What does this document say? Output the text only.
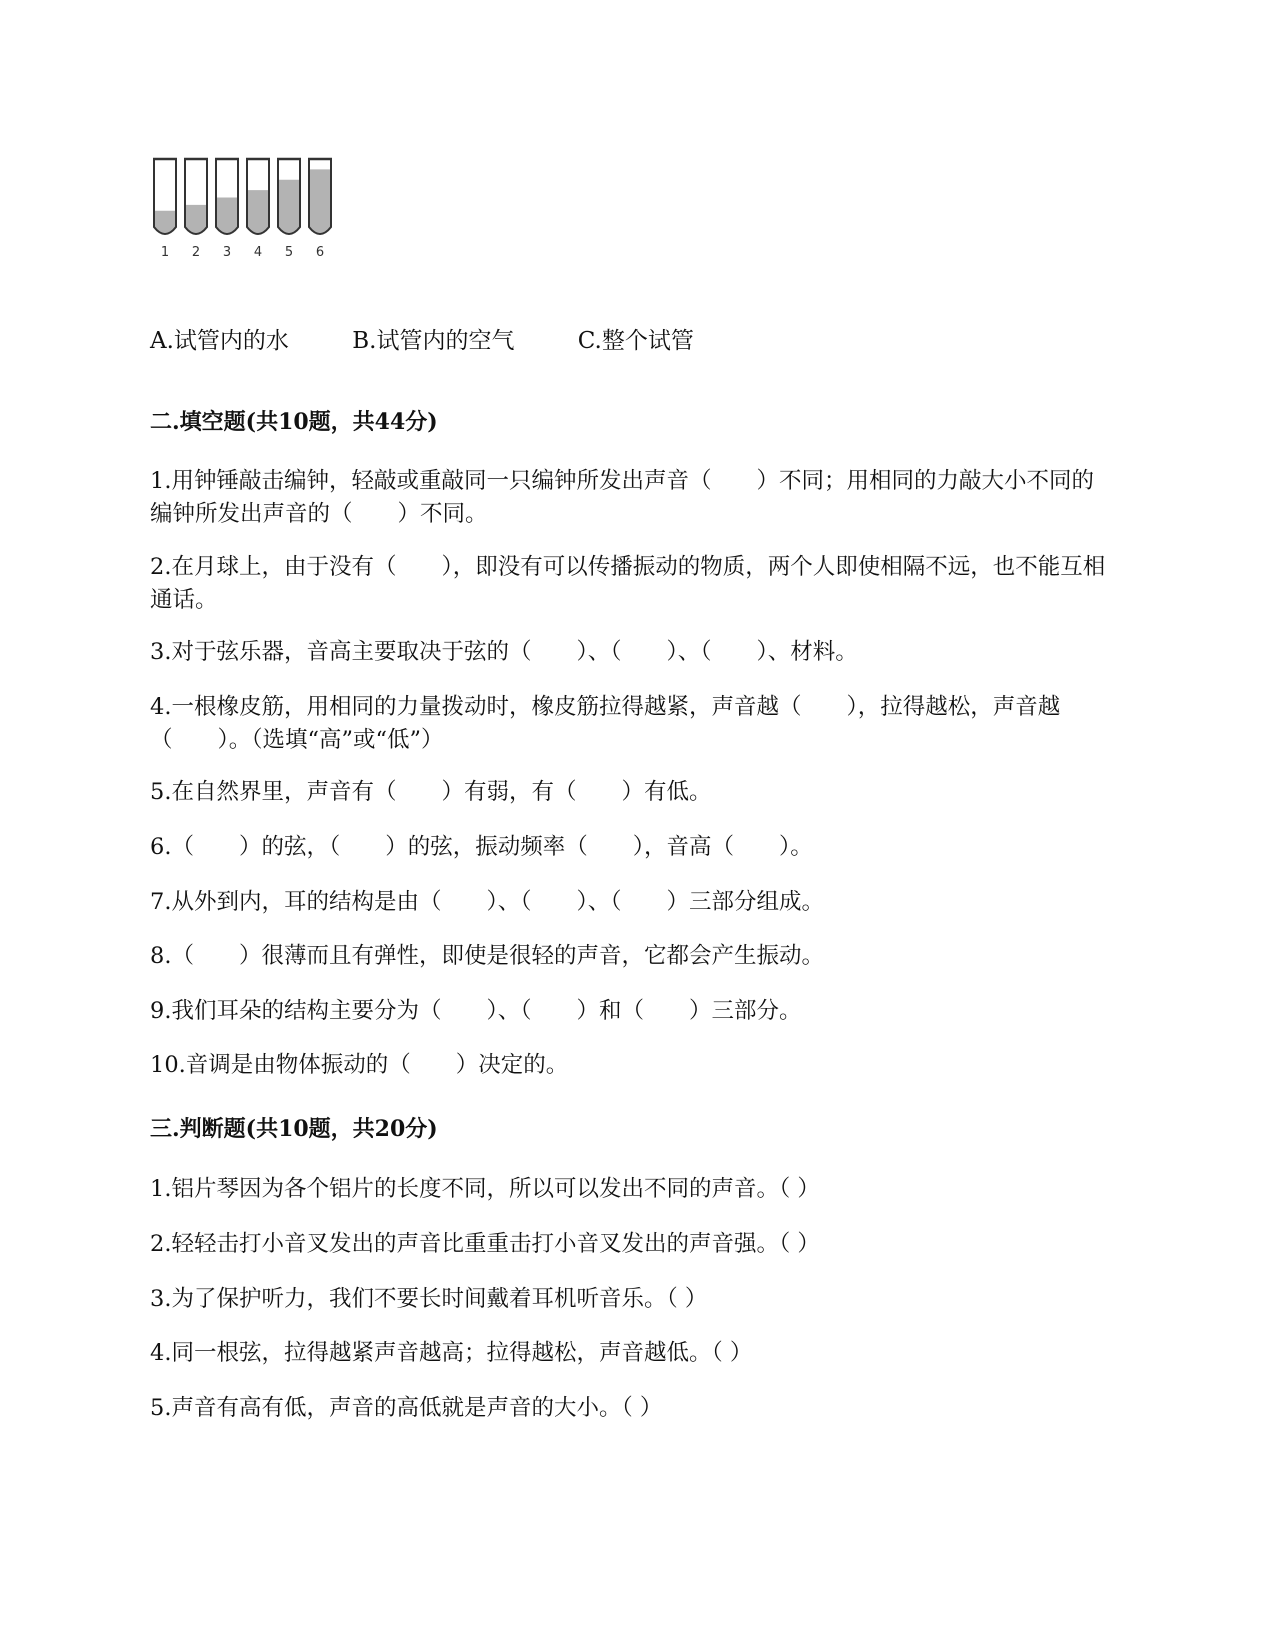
1 2 3 4 5 6
A.试管内的水	B.试管内的空气	C.整个试管
二.填空题(共10题，共44分)
1.用钟锤敲击编钟，轻敲或重敲同一只编钟所发出声音（　　）不同；用相同的力敲大小不同的编钟所发出声音的（　　）不同。
2.在月球上，由于没有（　　），即没有可以传播振动的物质，两个人即使相隔不远，也不能互相通话。
3.对于弦乐器，音高主要取决于弦的（　　）、（　　）、（　　）、材料。
4.一根橡皮筋，用相同的力量拨动时，橡皮筋拉得越紧，声音越（　　），拉得越松，声音越（　　）。（选填“高”或“低”）
5.在自然界里，声音有（　　）有弱，有（　　）有低。
6.（　　）的弦，（　　）的弦，振动频率（　　），音高（　　）。
7.从外到内，耳的结构是由（　　）、（　　）、（　　）三部分组成。
8.（　　）很薄而且有弹性，即使是很轻的声音，它都会产生振动。
9.我们耳朵的结构主要分为（　　）、（　　）和（　　）三部分。
10.音调是由物体振动的（　　）决定的。
三.判断题(共10题，共20分)
1.铝片琴因为各个铝片的长度不同，所以可以发出不同的声音。（ ）
2.轻轻击打小音叉发出的声音比重重击打小音叉发出的声音强。（ ）
3.为了保护听力，我们不要长时间戴着耳机听音乐。（ ）
4.同一根弦，拉得越紧声音越高；拉得越松，声音越低。（ ）
5.声音有高有低，声音的高低就是声音的大小。（ ）
